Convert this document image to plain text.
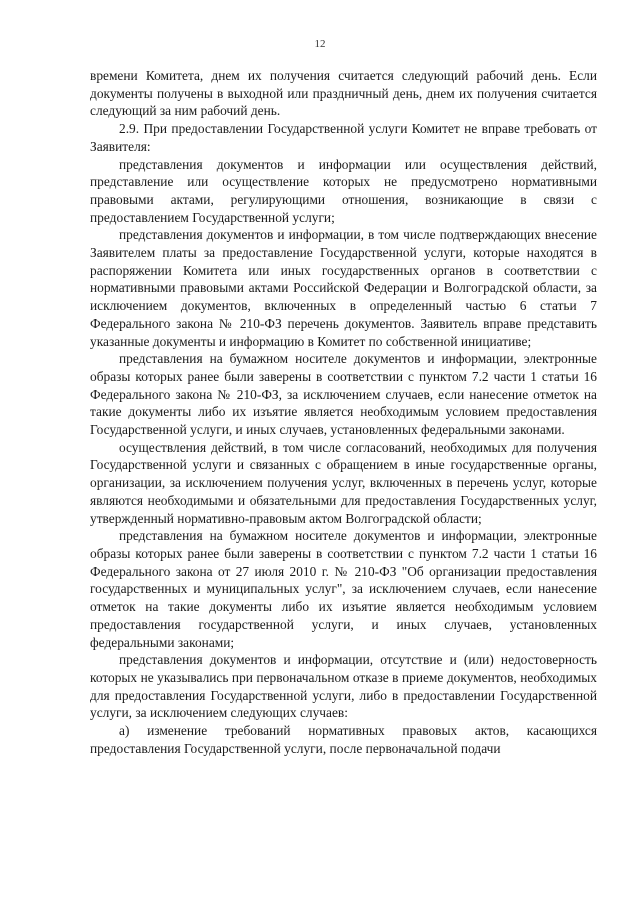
12

времени Комитета, днем их получения считается следующий рабочий день. Если документы получены в выходной или праздничный день, днем их получения считается следующий за ним рабочий день.

2.9. При предоставлении Государственной услуги Комитет не вправе требовать от Заявителя:

представления документов и информации или осуществления действий, представление или осуществление которых не предусмотрено нормативными правовыми актами, регулирующими отношения, возникающие в связи с предоставлением Государственной услуги;

представления документов и информации, в том числе подтверждающих внесение Заявителем платы за предоставление Государственной услуги, которые находятся в распоряжении Комитета или иных государственных органов в соответствии с нормативными правовыми актами Российской Федерации и Волгоградской области, за исключением документов, включенных в определенный частью 6 статьи 7 Федерального закона № 210-ФЗ перечень документов. Заявитель вправе представить указанные документы и информацию в Комитет по собственной инициативе;

представления на бумажном носителе документов и информации, электронные образы которых ранее были заверены в соответствии с пунктом 7.2 части 1 статьи 16 Федерального закона № 210-ФЗ, за исключением случаев, если нанесение отметок на такие документы либо их изъятие является необходимым условием предоставления Государственной услуги, и иных случаев, установленных федеральными законами.

осуществления действий, в том числе согласований, необходимых для получения Государственной услуги и связанных с обращением в иные государственные органы, организации, за исключением получения услуг, включенных в перечень услуг, которые являются необходимыми и обязательными для предоставления Государственных услуг, утвержденный нормативно-правовым актом Волгоградской области;

представления на бумажном носителе документов и информации, электронные образы которых ранее были заверены в соответствии с пунктом 7.2 части 1 статьи 16 Федерального закона от 27 июля 2010 г. № 210-ФЗ "Об организации предоставления государственных и муниципальных услуг", за исключением случаев, если нанесение отметок на такие документы либо их изъятие является необходимым условием предоставления государственной услуги, и иных случаев, установленных федеральными законами;

представления документов и информации, отсутствие и (или) недостоверность которых не указывались при первоначальном отказе в приеме документов, необходимых для предоставления Государственной услуги, либо в предоставлении Государственной услуги, за исключением следующих случаев:

а) изменение требований нормативных правовых актов, касающихся предоставления Государственной услуги, после первоначальной подачи
